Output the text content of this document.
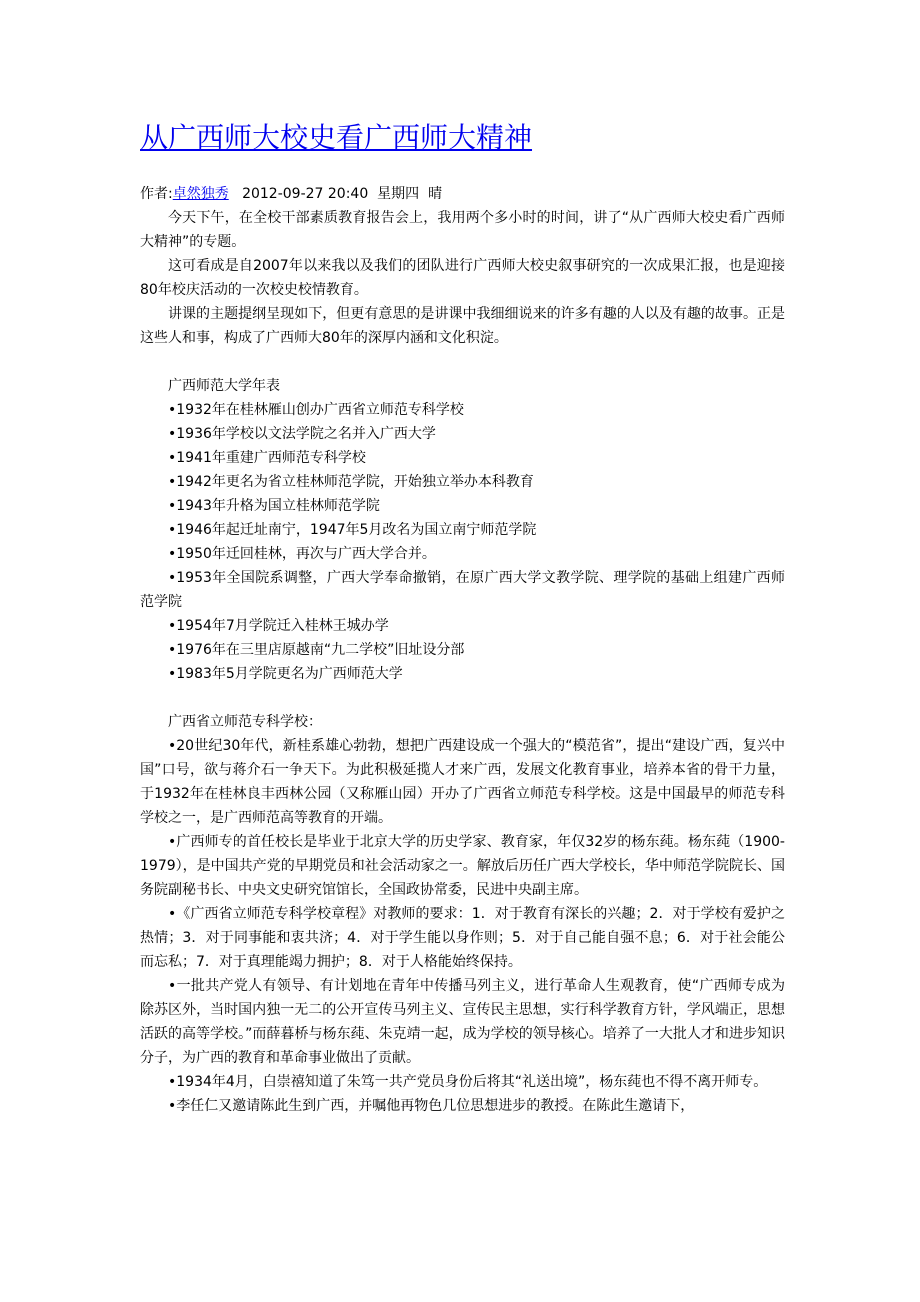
从广西师大校史看广西师大精神
作者:卓然独秀 2012-09-27 20:40 星期四 晴

今天下午，在全校干部素质教育报告会上，我用两个多小时的时间，讲了“从广西师大校史看广西师大精神”的专题。

这可看成是自2007年以来我以及我们的团队进行广西师大校史叙事研究的一次成果汇报，也是迎接80年校庆活动的一次校史校情教育。

讲课的主题提纲呈现如下，但更有意思的是讲课中我细细说来的许多有趣的人以及有趣的故事。正是这些人和事，构成了广西师大80年的深厚内涵和文化积淀。

广西师范大学年表

•1932年在桂林雁山创办广西省立师范专科学校

•1936年学校以文法学院之名并入广西大学

•1941年重建广西师范专科学校

•1942年更名为省立桂林师范学院，开始独立举办本科教育

•1943年升格为国立桂林师范学院

•1946年起迁址南宁，1947年5月改名为国立南宁师范学院

•1950年迁回桂林，再次与广西大学合并。

•1953年全国院系调整，广西大学奉命撤销，在原广西大学文教学院、理学院的基础上组建广西师范学院

•1954年7月学院迁入桂林王城办学

•1976年在三里店原越南“九二学校”旧址设分部

•1983年5月学院更名为广西师范大学

广西省立师范专科学校：

•20世纪30年代，新桂系雄心勃勃，想把广西建设成一个强大的“模范省”，提出“建设广西，复兴中国”口号，欲与蒋介石一争天下。为此积极延揽人才来广西，发展文化教育事业，培养本省的骨干力量，于1932年在桂林良丰西林公园（又称雁山园）开办了广西省立师范专科学校。这是中国最早的师范专科学校之一，是广西师范高等教育的开端。

•广西师专的首任校长是毕业于北京大学的历史学家、教育家，年仅32岁的杨东莼。杨东莼（1900-1979），是中国共产党的早期党员和社会活动家之一。解放后历任广西大学校长，华中师范学院院长、国务院副秘书长、中央文史研究馆馆长，全国政协常委，民进中央副主席。

•《广西省立师范专科学校章程》对教师的要求：1．对于教育有深长的兴趣；2．对于学校有爱护之热情；3．对于同事能和衷共济；4．对于学生能以身作则；5．对于自己能自强不息；6．对于社会能公而忘私；7．对于真理能竭力拥护；8．对于人格能始终保持。

•一批共产党人有领导、有计划地在青年中传播马列主义，进行革命人生观教育，使“广西师专成为除苏区外，当时国内独一无二的公开宣传马列主义、宣传民主思想，实行科学教育方针，学风端正，思想活跃的高等学校。”而薛暮桥与杨东莼、朱克靖一起，成为学校的领导核心。培养了一大批人才和进步知识分子，为广西的教育和革命事业做出了贡献。

•1934年4月，白崇禧知道了朱笃一共产党员身份后将其“礼送出境”，杨东莼也不得不离开师专。

•李任仁又邀请陈此生到广西，并嘱他再物色几位思想进步的教授。在陈此生邀请下，
